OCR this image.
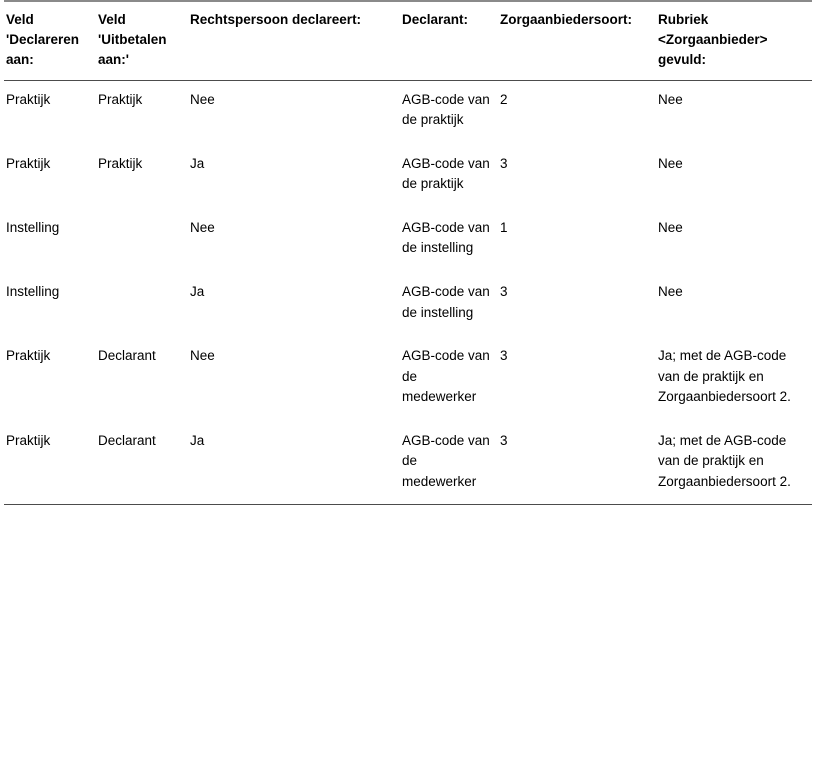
Veld 'Declareren aan:	Veld 'Uitbetalen aan:'	Rechtspersoon declareert:	Declarant:	Zorgaanbiedersoort:	Rubriek <Zorgaanbieder> gevuld:

Praktijk	Praktijk	Nee	AGB-code van de praktijk	2	Nee

Praktijk	Praktijk	Ja	AGB-code van de praktijk	3	Nee

Instelling		Nee	AGB-code van de instelling	1	Nee

Instelling		Ja	AGB-code van de instelling	3	Nee

Praktijk	Declarant	Nee	AGB-code van de medewerker	3	Ja; met de AGB-code van de praktijk en Zorgaanbiedersoort 2.

Praktijk	Declarant	Ja	AGB-code van de medewerker	3	Ja; met de AGB-code van de praktijk en Zorgaanbiedersoort 2.
